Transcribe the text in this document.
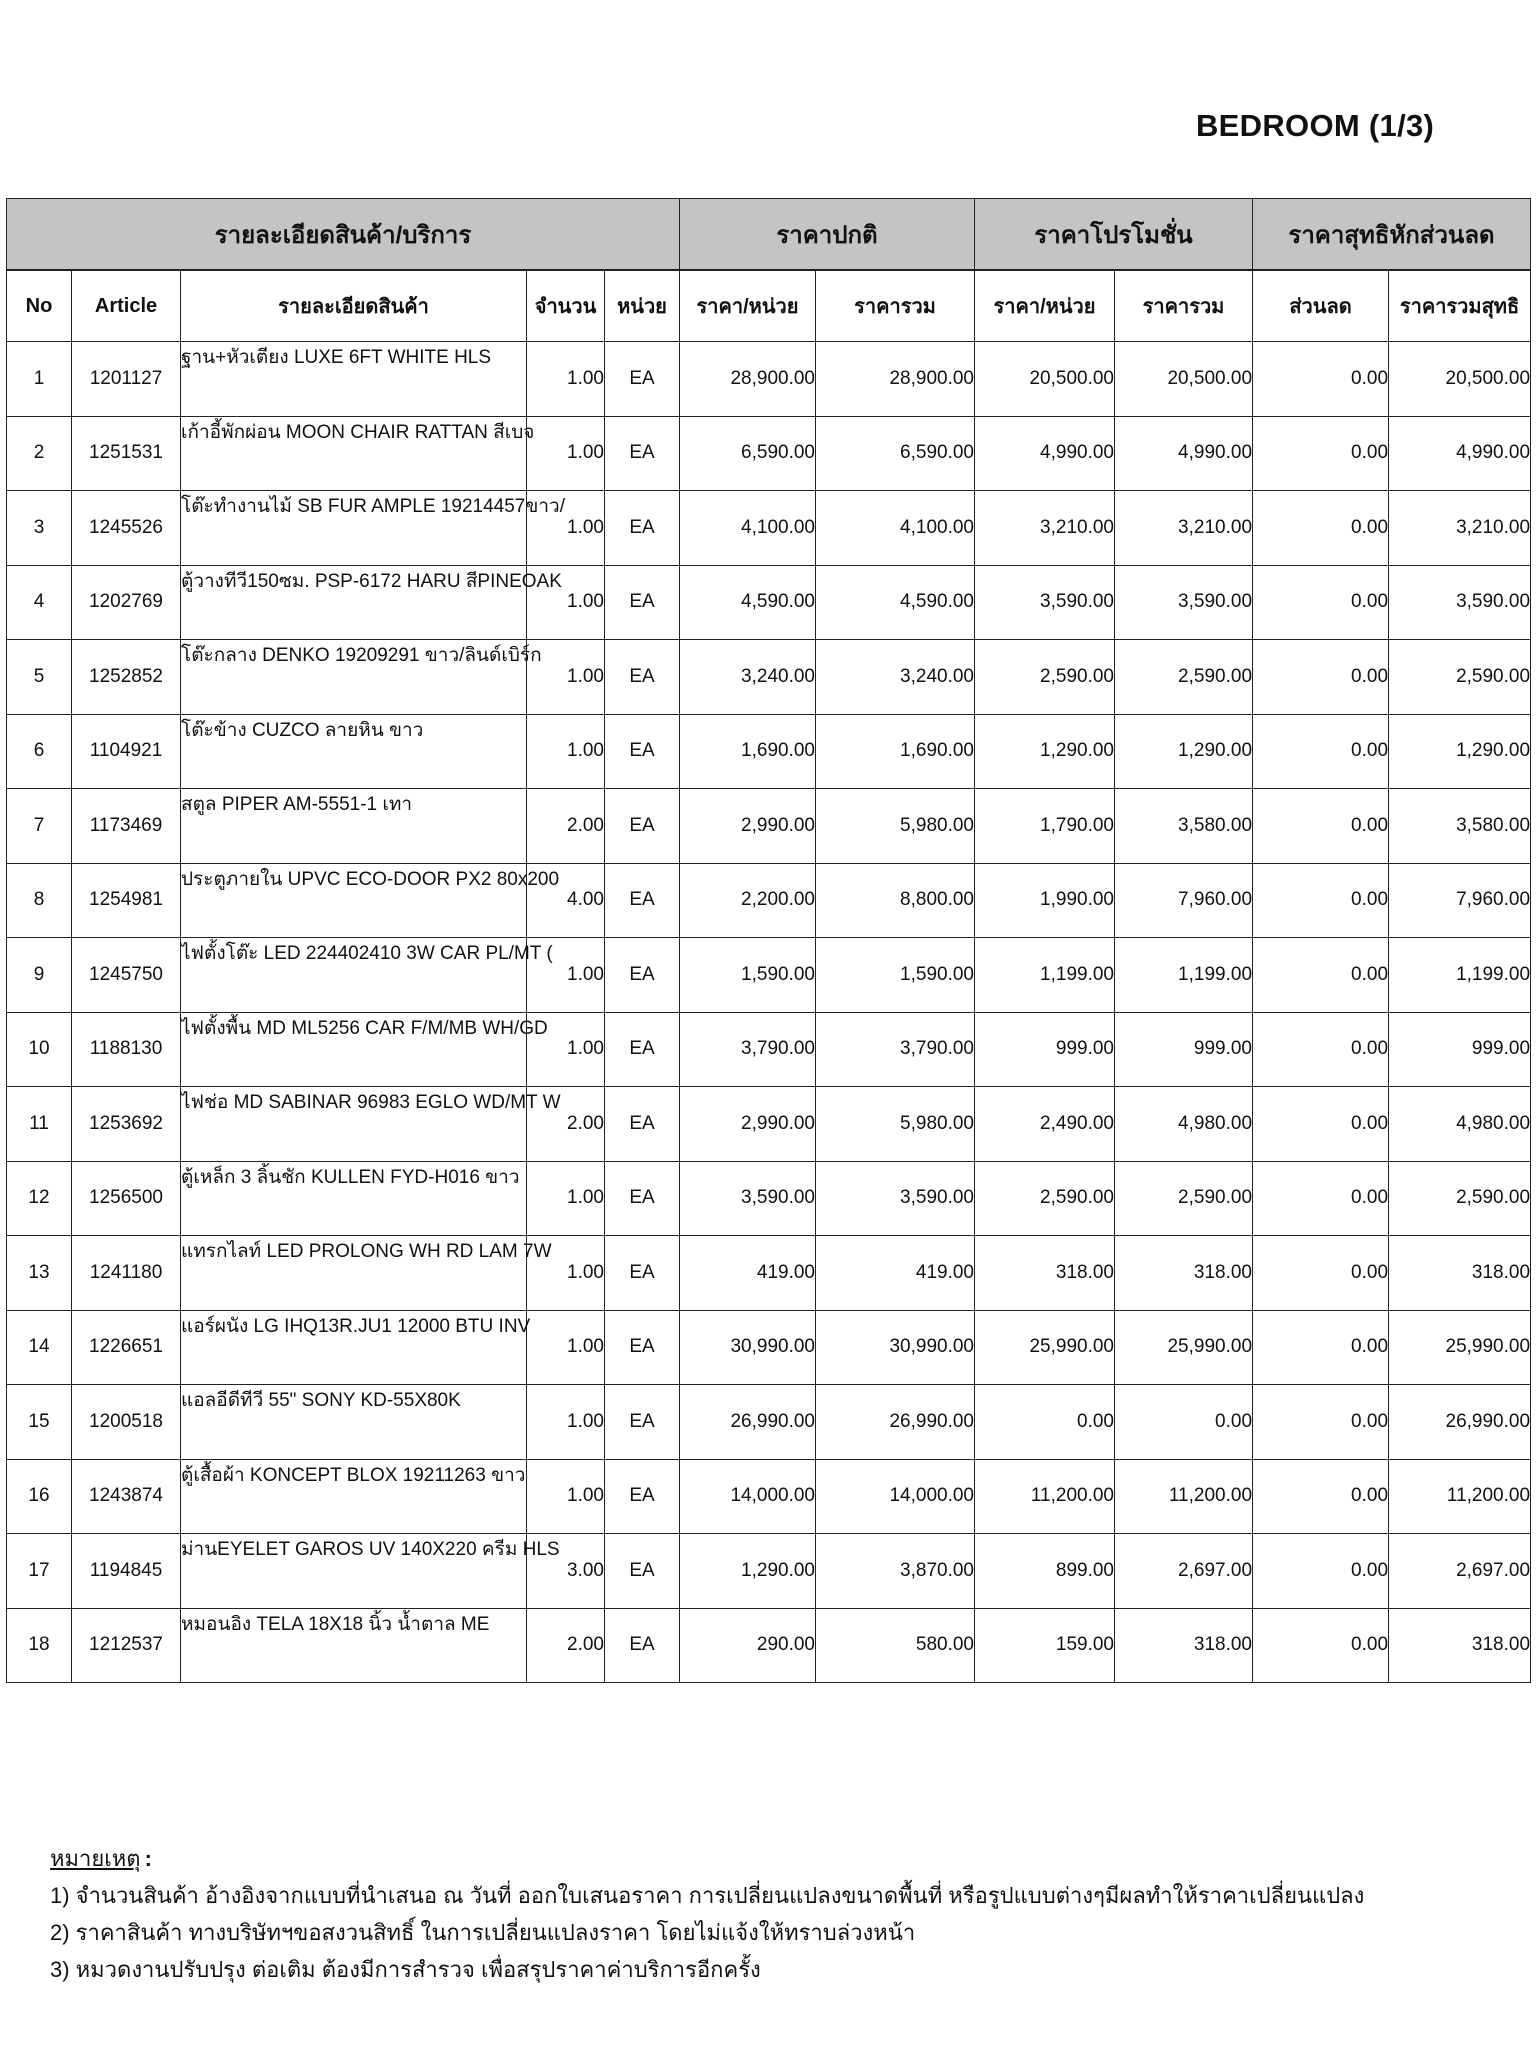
BEDROOM (1/3)
รายละเอียดสินค้า/บริการ					ราคาปกติ		ราคาโปรโมชั่น		ราคาสุทธิหักส่วนลด	
No	Article	รายละเอียดสินค้า	จำนวน	หน่วย	ราคา/หน่วย	ราคารวม	ราคา/หน่วย	ราคารวม	ส่วนลด	ราคารวมสุทธิ
1	1201127	ฐาน+หัวเตียง LUXE 6FT WHITE HLS	1.00	EA	28,900.00	28,900.00	20,500.00	20,500.00	0.00	20,500.00
2	1251531	เก้าอี้พักผ่อน MOON CHAIR RATTAN สีเบจ	1.00	EA	6,590.00	6,590.00	4,990.00	4,990.00	0.00	4,990.00
3	1245526	โต๊ะทำงานไม้ SB FUR AMPLE 19214457ขาว/	1.00	EA	4,100.00	4,100.00	3,210.00	3,210.00	0.00	3,210.00
4	1202769	ตู้วางทีวี150ซม. PSP-6172 HARU สีPINEOAK	1.00	EA	4,590.00	4,590.00	3,590.00	3,590.00	0.00	3,590.00
5	1252852	โต๊ะกลาง DENKO 19209291 ขาว/ลินด์เบิร์ก	1.00	EA	3,240.00	3,240.00	2,590.00	2,590.00	0.00	2,590.00
6	1104921	โต๊ะข้าง CUZCO ลายหิน ขาว	1.00	EA	1,690.00	1,690.00	1,290.00	1,290.00	0.00	1,290.00
7	1173469	สตูล PIPER AM-5551-1 เทา	2.00	EA	2,990.00	5,980.00	1,790.00	3,580.00	0.00	3,580.00
8	1254981	ประตูภายใน UPVC ECO-DOOR PX2 80x200	4.00	EA	2,200.00	8,800.00	1,990.00	7,960.00	0.00	7,960.00
9	1245750	ไฟตั้งโต๊ะ LED 224402410 3W CAR PL/MT (	1.00	EA	1,590.00	1,590.00	1,199.00	1,199.00	0.00	1,199.00
10	1188130	ไฟตั้งพื้น MD ML5256 CAR F/M/MB WH/GD	1.00	EA	3,790.00	3,790.00	999.00	999.00	0.00	999.00
11	1253692	ไฟช่อ MD SABINAR 96983 EGLO WD/MT W	2.00	EA	2,990.00	5,980.00	2,490.00	4,980.00	0.00	4,980.00
12	1256500	ตู้เหล็ก 3 ลิ้นชัก KULLEN FYD-H016 ขาว	1.00	EA	3,590.00	3,590.00	2,590.00	2,590.00	0.00	2,590.00
13	1241180	แทรกไลท์ LED PROLONG WH RD LAM 7W	1.00	EA	419.00	419.00	318.00	318.00	0.00	318.00
14	1226651	แอร์ผนัง LG IHQ13R.JU1 12000 BTU INV	1.00	EA	30,990.00	30,990.00	25,990.00	25,990.00	0.00	25,990.00
15	1200518	แอลอีดีทีวี 55" SONY KD-55X80K	1.00	EA	26,990.00	26,990.00	0.00	0.00	0.00	26,990.00
16	1243874	ตู้เสื้อผ้า KONCEPT BLOX 19211263 ขาว	1.00	EA	14,000.00	14,000.00	11,200.00	11,200.00	0.00	11,200.00
17	1194845	ม่านEYELET GAROS UV 140X220 ครีม HLS	3.00	EA	1,290.00	3,870.00	899.00	2,697.00	0.00	2,697.00
18	1212537	หมอนอิง TELA 18X18 นิ้ว น้ำตาล ME	2.00	EA	290.00	580.00	159.00	318.00	0.00	318.00
หมายเหตุ :
1) จำนวนสินค้า อ้างอิงจากแบบที่นำเสนอ ณ วันที่ ออกใบเสนอราคา การเปลี่ยนแปลงขนาดพื้นที่ หรือรูปแบบต่างๆมีผลทำให้ราคาเปลี่ยนแปลง
2) ราคาสินค้า ทางบริษัทฯขอสงวนสิทธิ์ ในการเปลี่ยนแปลงราคา โดยไม่แจ้งให้ทราบล่วงหน้า
3) หมวดงานปรับปรุง ต่อเติม ต้องมีการสำรวจ เพื่อสรุปราคาค่าบริการอีกครั้ง
